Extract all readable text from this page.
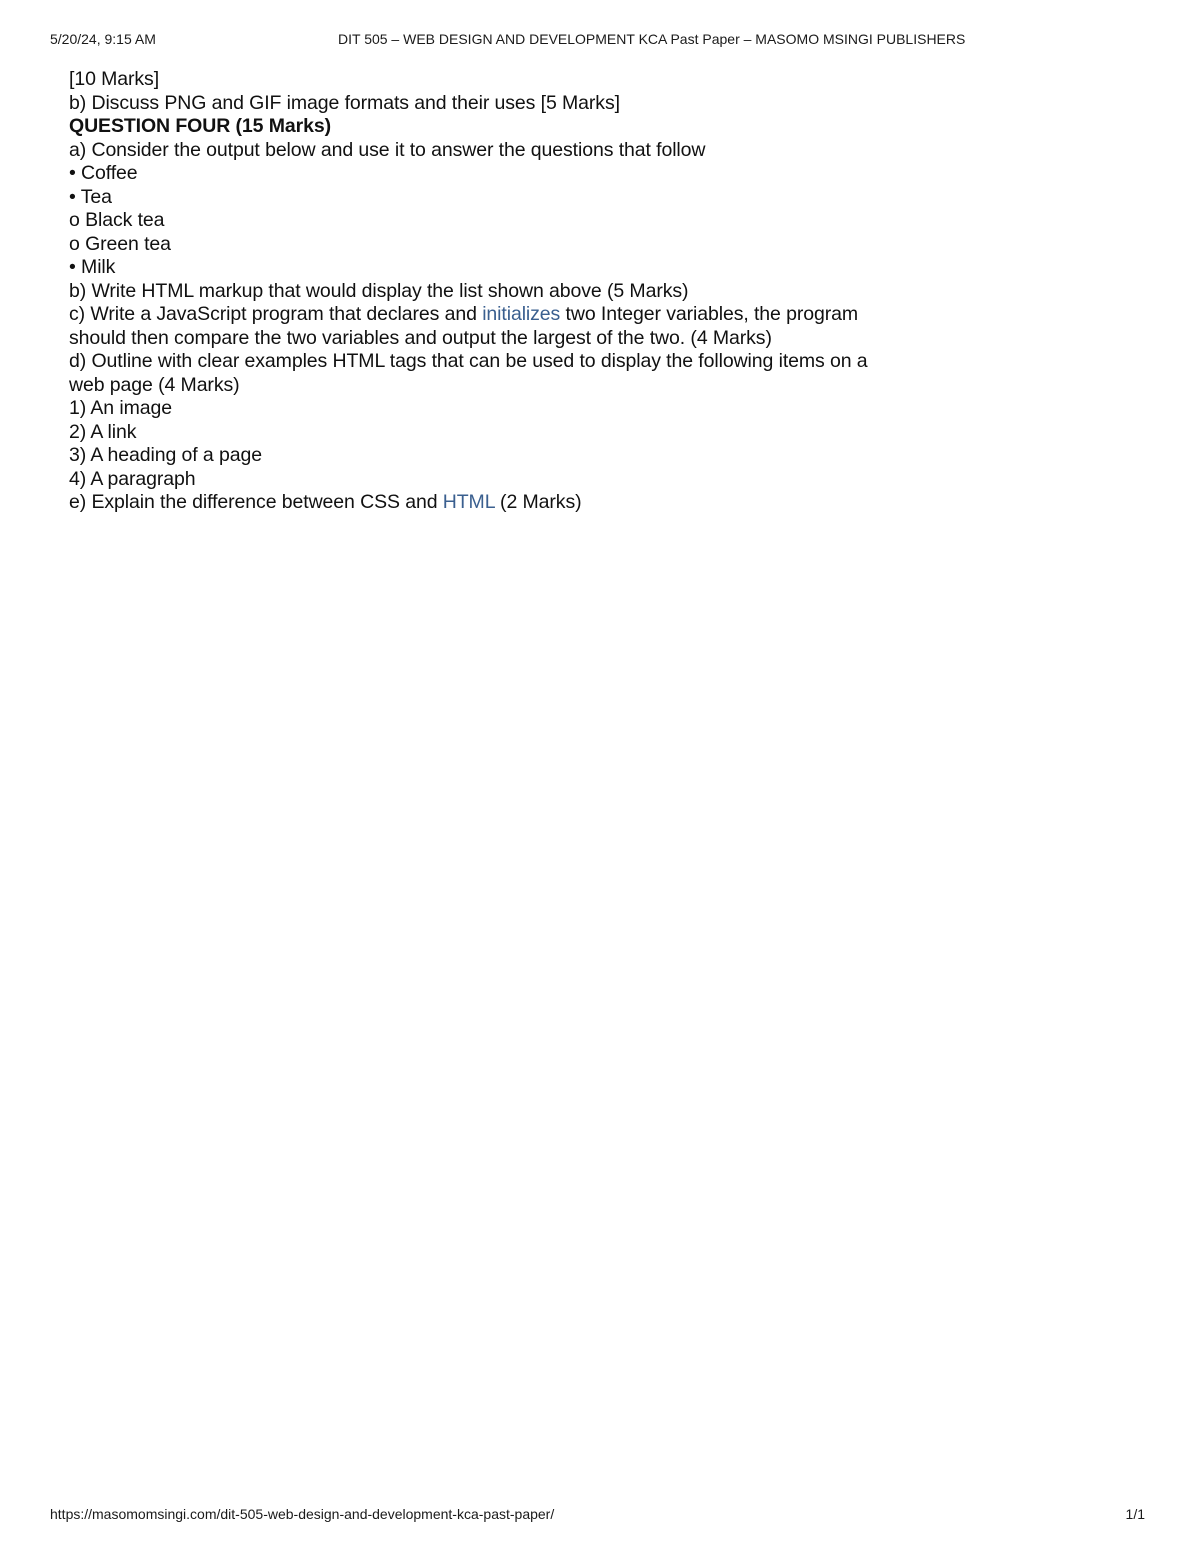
5/20/24, 9:15 AM	DIT 505 – WEB DESIGN AND DEVELOPMENT KCA Past Paper – MASOMO MSINGI PUBLISHERS
[10 Marks]
b) Discuss PNG and GIF image formats and their uses [5 Marks]
QUESTION FOUR (15 Marks)
a) Consider the output below and use it to answer the questions that follow
• Coffee
• Tea
o Black tea
o Green tea
• Milk
b) Write HTML markup that would display the list shown above (5 Marks)
c) Write a JavaScript program that declares and initializes two Integer variables, the program
should then compare the two variables and output the largest of the two. (4 Marks)
d) Outline with clear examples HTML tags that can be used to display the following items on a
web page (4 Marks)
1) An image
2) A link
3) A heading of a page
4) A paragraph
e) Explain the difference between CSS and HTML (2 Marks)
https://masomomsingi.com/dit-505-web-design-and-development-kca-past-paper/	1/1
